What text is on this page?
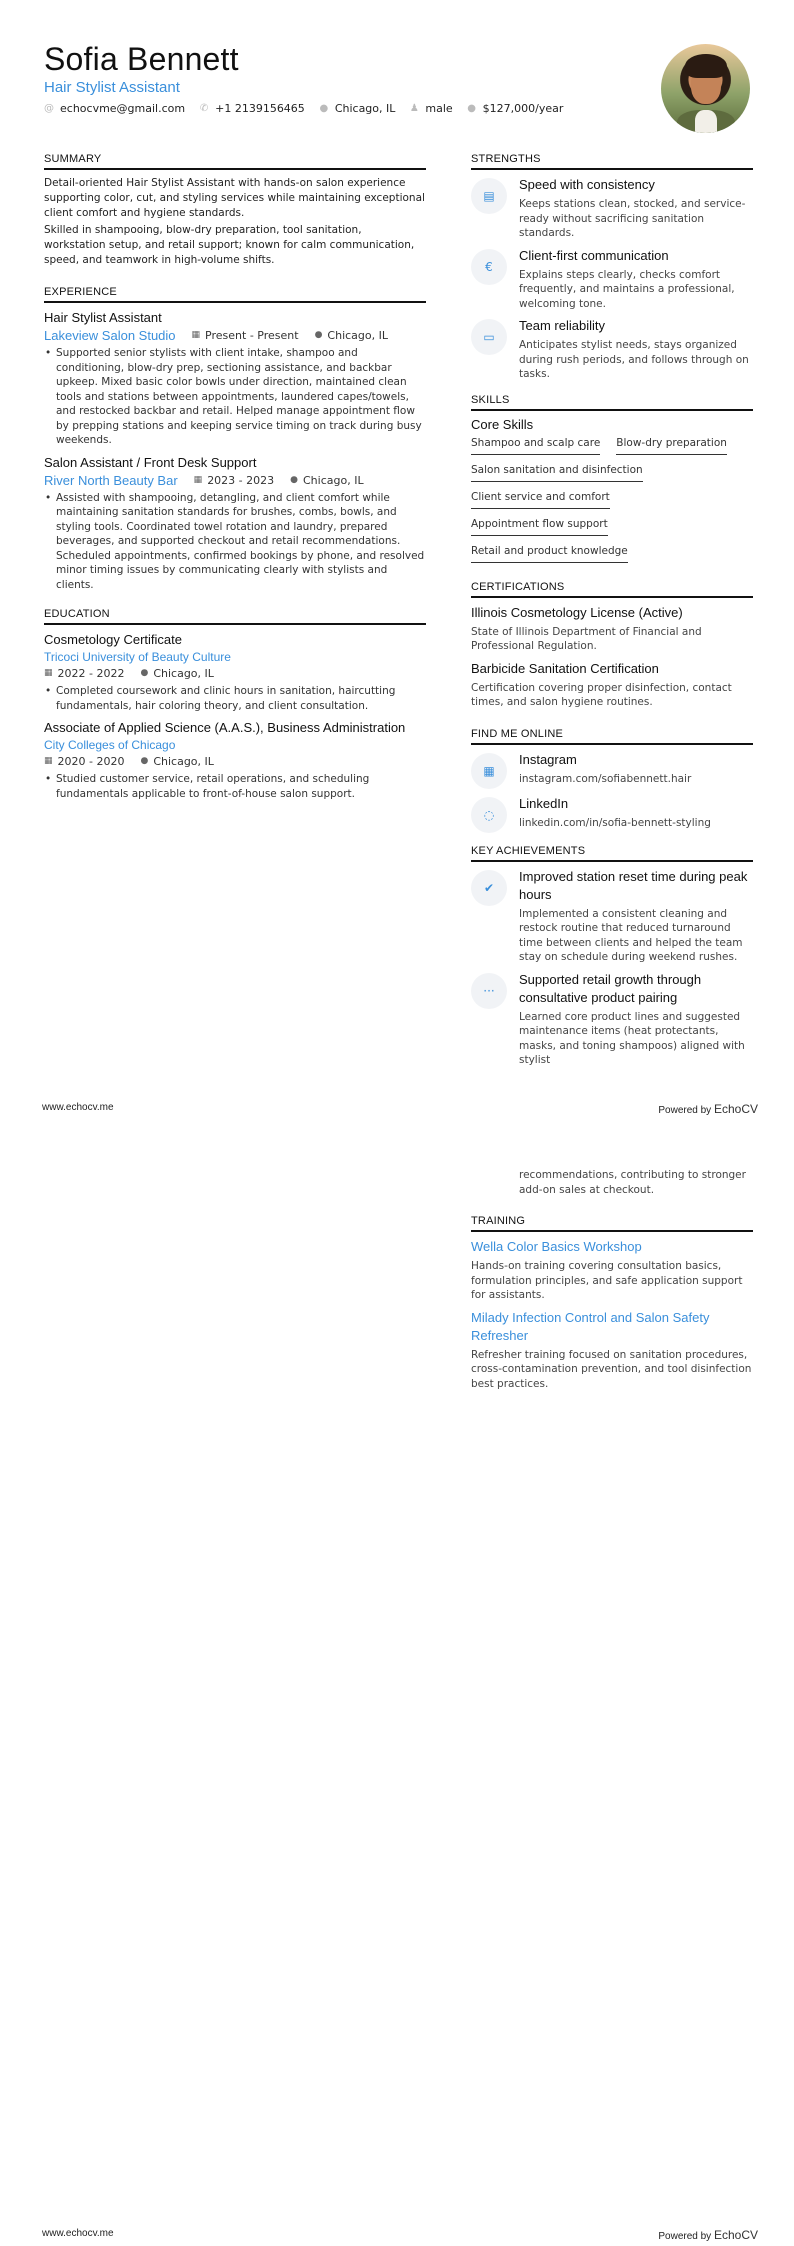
Sofia Bennett
Hair Stylist Assistant
@ echocvme@gmail.com ✆ +1 2139156465 ● Chicago, IL ♟ male ● $127,000/year
SUMMARY

Detail-oriented Hair Stylist Assistant with hands-on salon experience supporting color, cut, and styling services while maintaining exceptional client comfort and hygiene standards.

Skilled in shampooing, blow-dry preparation, tool sanitation, workstation setup, and retail support; known for calm communication, speed, and teamwork in high-volume shifts.

EXPERIENCE
Hair Stylist Assistant
Lakeview Salon Studio ▦ Present - Present ● Chicago, IL
• Supported senior stylists with client intake, shampoo and conditioning, blow-dry prep, sectioning assistance, and backbar upkeep. Mixed basic color bowls under direction, maintained clean tools and stations between appointments, laundered capes/towels, and restocked backbar and retail. Helped manage appointment flow by prepping stations and keeping service timing on track during busy weekends.
Salon Assistant / Front Desk Support
River North Beauty Bar ▦ 2023 - 2023 ● Chicago, IL
• Assisted with shampooing, detangling, and client comfort while maintaining sanitation standards for brushes, combs, bowls, and styling tools. Coordinated towel rotation and laundry, prepared beverages, and supported checkout and retail recommendations. Scheduled appointments, confirmed bookings by phone, and resolved minor timing issues by communicating clearly with stylists and clients.
EDUCATION
Cosmetology Certificate
Tricoci University of Beauty Culture
▦ 2022 - 2022 ● Chicago, IL
• Completed coursework and clinic hours in sanitation, haircutting fundamentals, hair coloring theory, and client consultation.
Associate of Applied Science (A.A.S.), Business Administration
City Colleges of Chicago
▦ 2020 - 2020 ● Chicago, IL
• Studied customer service, retail operations, and scheduling fundamentals applicable to front-of-house salon support.
STRENGTHS
▤
Speed with consistency
Keeps stations clean, stocked, and service-ready without sacrificing sanitation standards.
€
Client-first communication
Explains steps clearly, checks comfort frequently, and maintains a professional, welcoming tone.
▭
Team reliability
Anticipates stylist needs, stays organized during rush periods, and follows through on tasks.
SKILLS
Core Skills
Shampoo and scalp care Blow-dry preparation
Salon sanitation and disinfection
Client service and comfort
Appointment flow support
Retail and product knowledge
CERTIFICATIONS
Illinois Cosmetology License (Active)
State of Illinois Department of Financial and Professional Regulation.
Barbicide Sanitation Certification
Certification covering proper disinfection, contact times, and salon hygiene routines.
FIND ME ONLINE
▦
Instagram
instagram.com/sofiabennett.hair
◌
LinkedIn
linkedin.com/in/sofia-bennett-styling
KEY ACHIEVEMENTS
✔
Improved station reset time during peak hours
Implemented a consistent cleaning and restock routine that reduced turnaround time between clients and helped the team stay on schedule during weekend rushes.
···
Supported retail growth through consultative product pairing
Learned core product lines and suggested maintenance items (heat protectants, masks, and toning shampoos) aligned with stylist
www.echocv.me	Powered by EchoCV
recommendations, contributing to stronger add-on sales at checkout.
TRAINING
Wella Color Basics Workshop
Hands-on training covering consultation basics, formulation principles, and safe application support for assistants.
Milady Infection Control and Salon Safety Refresher
Refresher training focused on sanitation procedures, cross-contamination prevention, and tool disinfection best practices.
www.echocv.me	Powered by EchoCV
